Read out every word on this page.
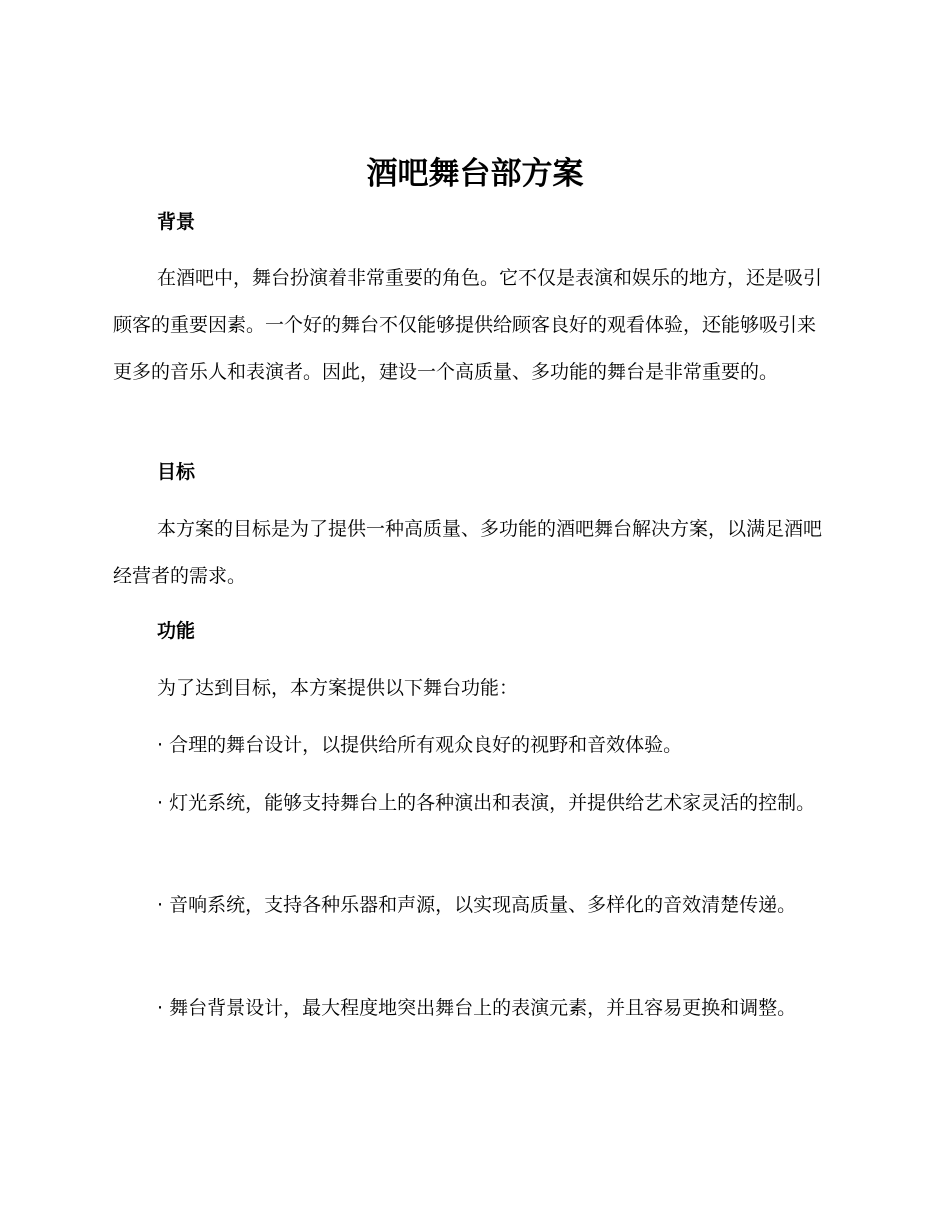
酒吧舞台部方案
背景

在酒吧中，舞台扮演着非常重要的角色。它不仅是表演和娱乐的地方，还是吸引顾客的重要因素。一个好的舞台不仅能够提供给顾客良好的观看体验，还能够吸引来更多的音乐人和表演者。因此，建设一个高质量、多功能的舞台是非常重要的。

目标

本方案的目标是为了提供一种高质量、多功能的酒吧舞台解决方案，以满足酒吧经营者的需求。

功能

为了达到目标，本方案提供以下舞台功能：

· 合理的舞台设计，以提供给所有观众良好的视野和音效体验。

· 灯光系统，能够支持舞台上的各种演出和表演，并提供给艺术家灵活的控制。

· 音响系统，支持各种乐器和声源，以实现高质量、多样化的音效清楚传递。

· 舞台背景设计，最大程度地突出舞台上的表演元素，并且容易更换和调整。
